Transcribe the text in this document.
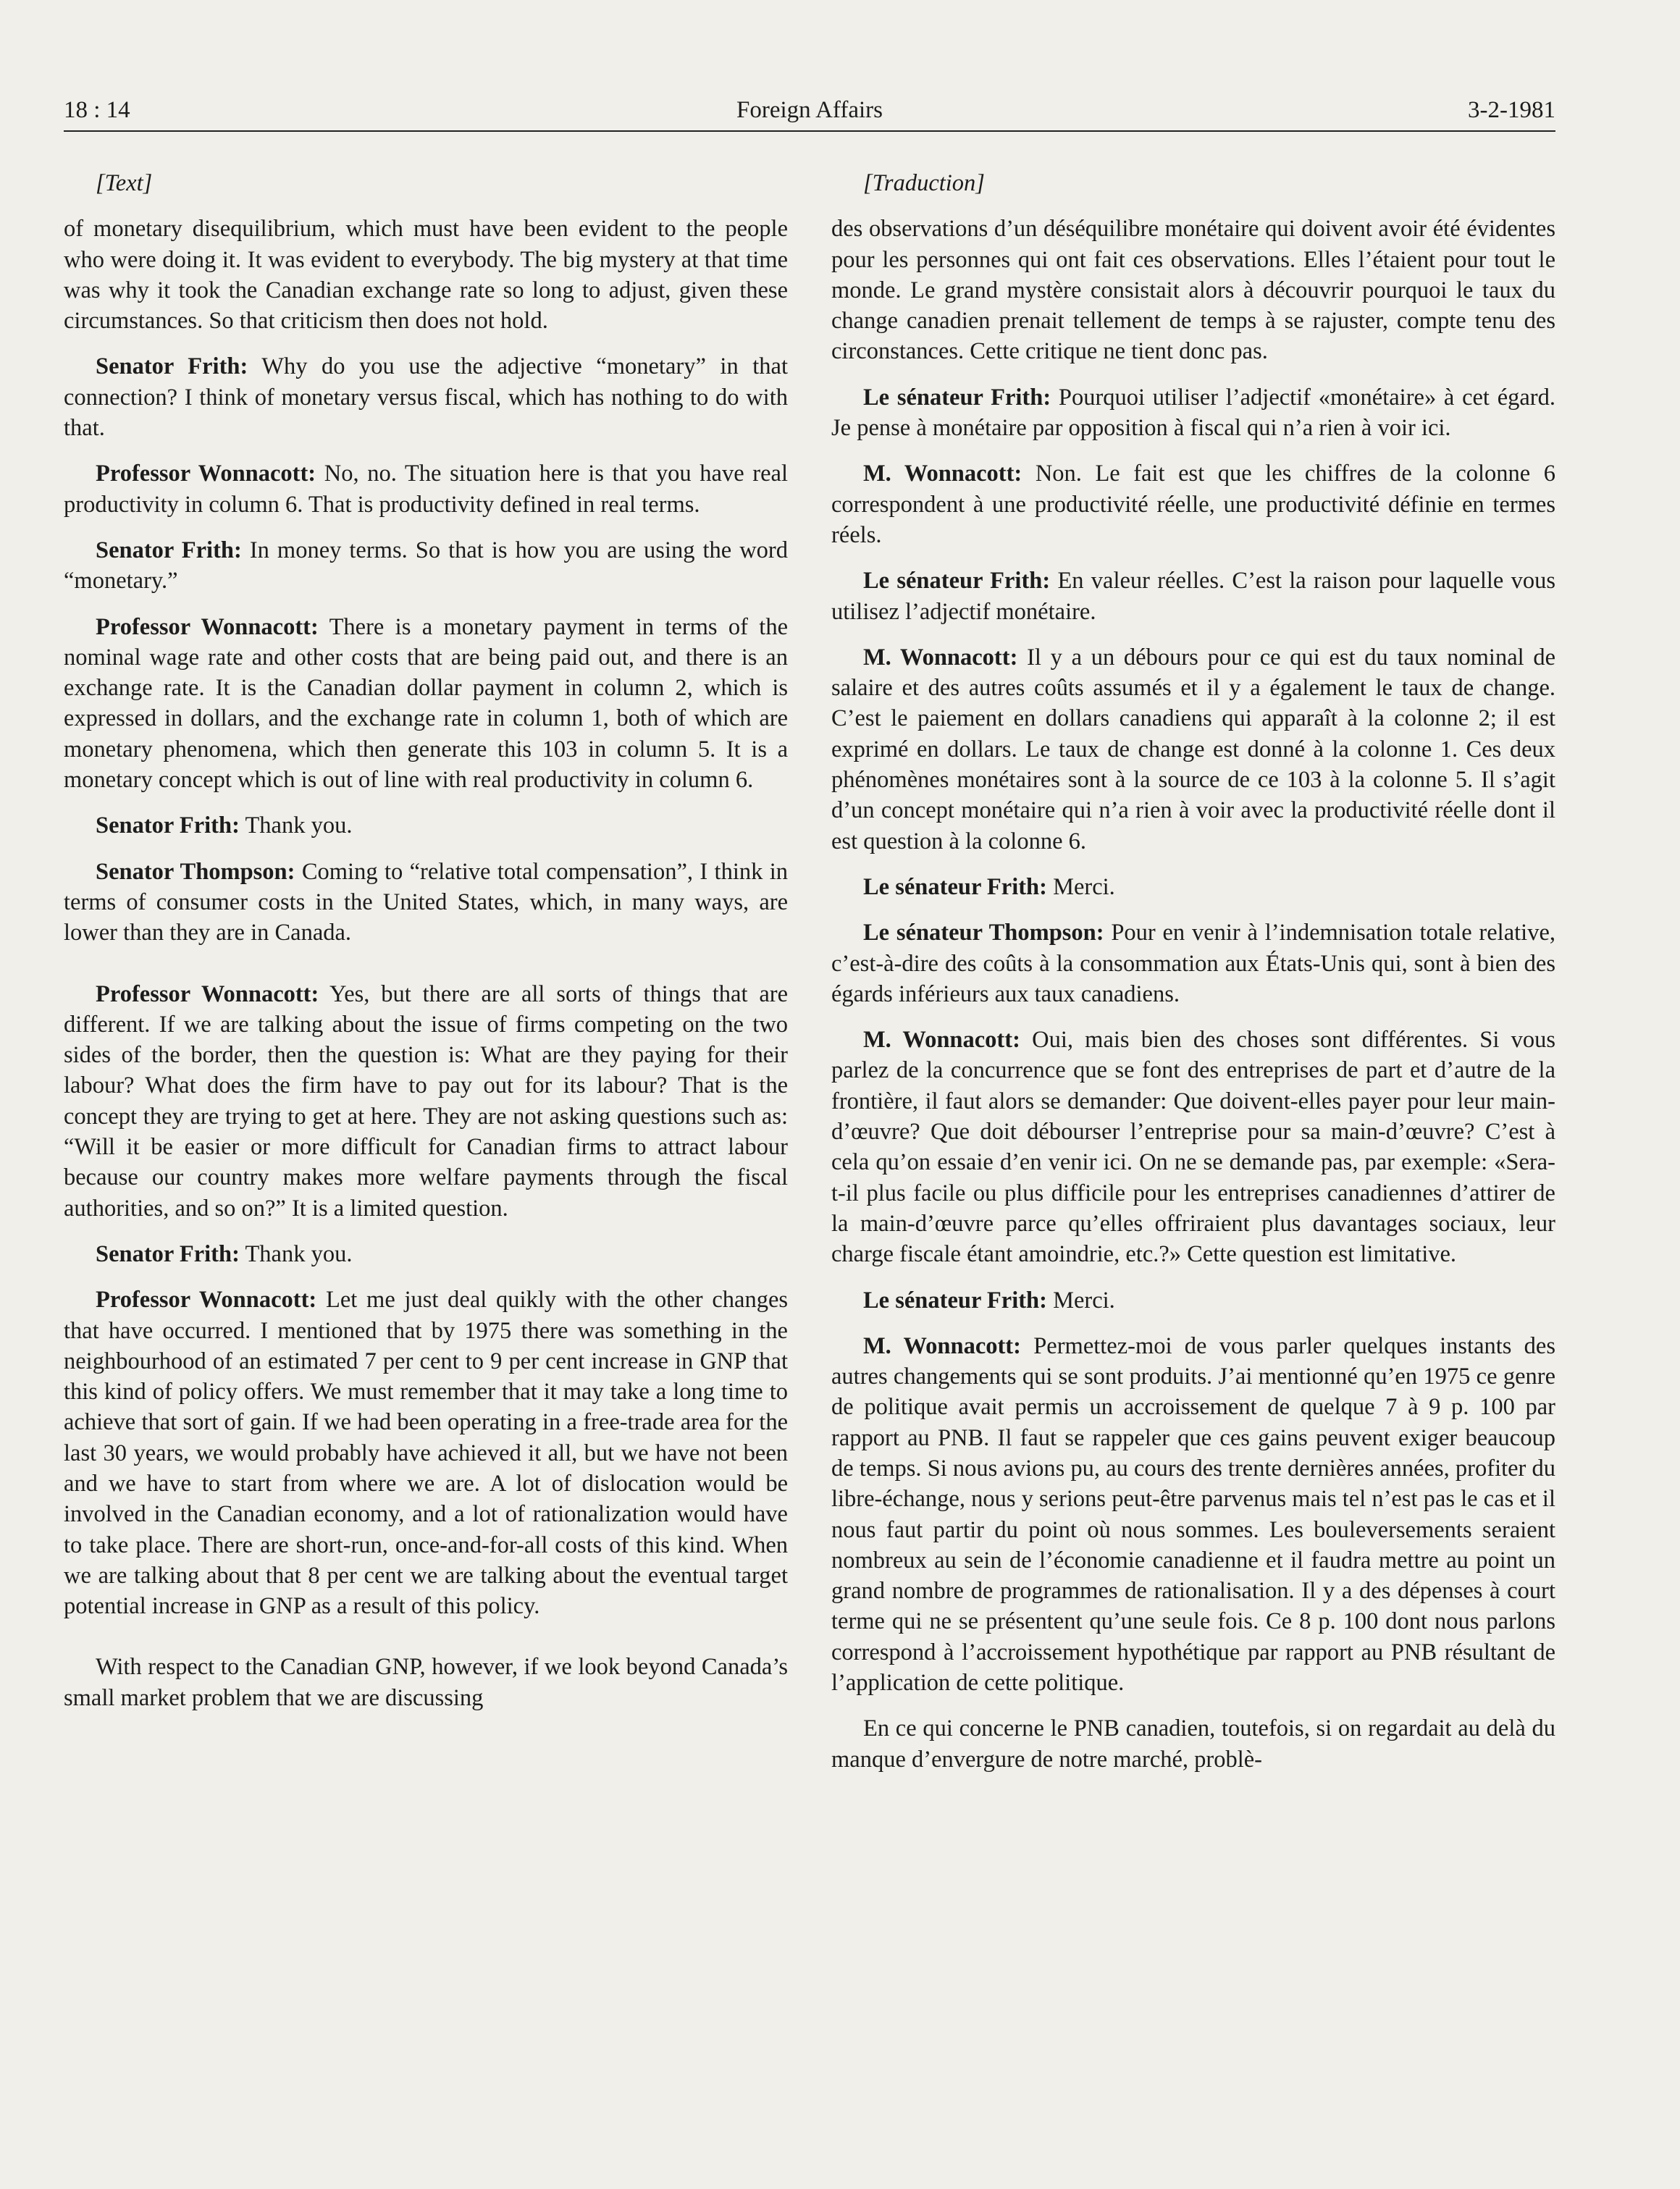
18 : 14	Foreign Affairs	3-2-1981

[Text]

of monetary disequilibrium, which must have been evident to the people who were doing it. It was evident to everybody. The big mystery at that time was why it took the Canadian exchange rate so long to adjust, given these circumstances. So that criticism then does not hold.

Senator Frith: Why do you use the adjective “monetary” in that connection? I think of monetary versus fiscal, which has nothing to do with that.

Professor Wonnacott: No, no. The situation here is that you have real productivity in column 6. That is productivity defined in real terms.

Senator Frith: In money terms. So that is how you are using the word “monetary.”

Professor Wonnacott: There is a monetary payment in terms of the nominal wage rate and other costs that are being paid out, and there is an exchange rate. It is the Canadian dollar payment in column 2, which is expressed in dollars, and the exchange rate in column 1, both of which are monetary phenomena, which then generate this 103 in column 5. It is a monetary concept which is out of line with real productivity in column 6.

Senator Frith: Thank you.

Senator Thompson: Coming to “relative total compensation”, I think in terms of consumer costs in the United States, which, in many ways, are lower than they are in Canada.

Professor Wonnacott: Yes, but there are all sorts of things that are different. If we are talking about the issue of firms competing on the two sides of the border, then the question is: What are they paying for their labour? What does the firm have to pay out for its labour? That is the concept they are trying to get at here. They are not asking questions such as: “Will it be easier or more difficult for Canadian firms to attract labour because our country makes more welfare payments through the fiscal authorities, and so on?” It is a limited question.

Senator Frith: Thank you.

Professor Wonnacott: Let me just deal quikly with the other changes that have occurred. I mentioned that by 1975 there was something in the neighbourhood of an estimated 7 per cent to 9 per cent increase in GNP that this kind of policy offers. We must remember that it may take a long time to achieve that sort of gain. If we had been operating in a free-trade area for the last 30 years, we would probably have achieved it all, but we have not been and we have to start from where we are. A lot of dislocation would be involved in the Canadian economy, and a lot of rationalization would have to take place. There are short-run, once-and-for-all costs of this kind. When we are talking about that 8 per cent we are talking about the eventual target potential increase in GNP as a result of this policy.

With respect to the Canadian GNP, however, if we look beyond Canada’s small market problem that we are discussing

[Traduction]

des observations d’un déséquilibre monétaire qui doivent avoir été évidentes pour les personnes qui ont fait ces observations. Elles l’étaient pour tout le monde. Le grand mystère consistait alors à découvrir pourquoi le taux du change canadien prenait tellement de temps à se rajuster, compte tenu des circonstances. Cette critique ne tient donc pas.

Le sénateur Frith: Pourquoi utiliser l’adjectif «monétaire» à cet égard. Je pense à monétaire par opposition à fiscal qui n’a rien à voir ici.

M. Wonnacott: Non. Le fait est que les chiffres de la colonne 6 correspondent à une productivité réelle, une productivité définie en termes réels.

Le sénateur Frith: En valeur réelles. C’est la raison pour laquelle vous utilisez l’adjectif monétaire.

M. Wonnacott: Il y a un débours pour ce qui est du taux nominal de salaire et des autres coûts assumés et il y a également le taux de change. C’est le paiement en dollars canadiens qui apparaît à la colonne 2; il est exprimé en dollars. Le taux de change est donné à la colonne 1. Ces deux phénomènes monétaires sont à la source de ce 103 à la colonne 5. Il s’agit d’un concept monétaire qui n’a rien à voir avec la productivité réelle dont il est question à la colonne 6.

Le sénateur Frith: Merci.

Le sénateur Thompson: Pour en venir à l’indemnisation totale relative, c’est-à-dire des coûts à la consommation aux États-Unis qui, sont à bien des égards inférieurs aux taux canadiens.

M. Wonnacott: Oui, mais bien des choses sont différentes. Si vous parlez de la concurrence que se font des entreprises de part et d’autre de la frontière, il faut alors se demander: Que doivent-elles payer pour leur main-d’œuvre? Que doit débourser l’entreprise pour sa main-d’œuvre? C’est à cela qu’on essaie d’en venir ici. On ne se demande pas, par exemple: «Sera-t-il plus facile ou plus difficile pour les entreprises canadiennes d’attirer de la main-d’œuvre parce qu’elles offriraient plus davantages sociaux, leur charge fiscale étant amoindrie, etc.?» Cette question est limitative.

Le sénateur Frith: Merci.

M. Wonnacott: Permettez-moi de vous parler quelques instants des autres changements qui se sont produits. J’ai mentionné qu’en 1975 ce genre de politique avait permis un accroissement de quelque 7 à 9 p. 100 par rapport au PNB. Il faut se rappeler que ces gains peuvent exiger beaucoup de temps. Si nous avions pu, au cours des trente dernières années, profiter du libre-échange, nous y serions peut-être parvenus mais tel n’est pas le cas et il nous faut partir du point où nous sommes. Les bouleversements seraient nombreux au sein de l’économie canadienne et il faudra mettre au point un grand nombre de programmes de rationalisation. Il y a des dépenses à court terme qui ne se présentent qu’une seule fois. Ce 8 p. 100 dont nous parlons correspond à l’accroissement hypothétique par rapport au PNB résultant de l’application de cette politique.

En ce qui concerne le PNB canadien, toutefois, si on regardait au delà du manque d’envergure de notre marché, problè-
